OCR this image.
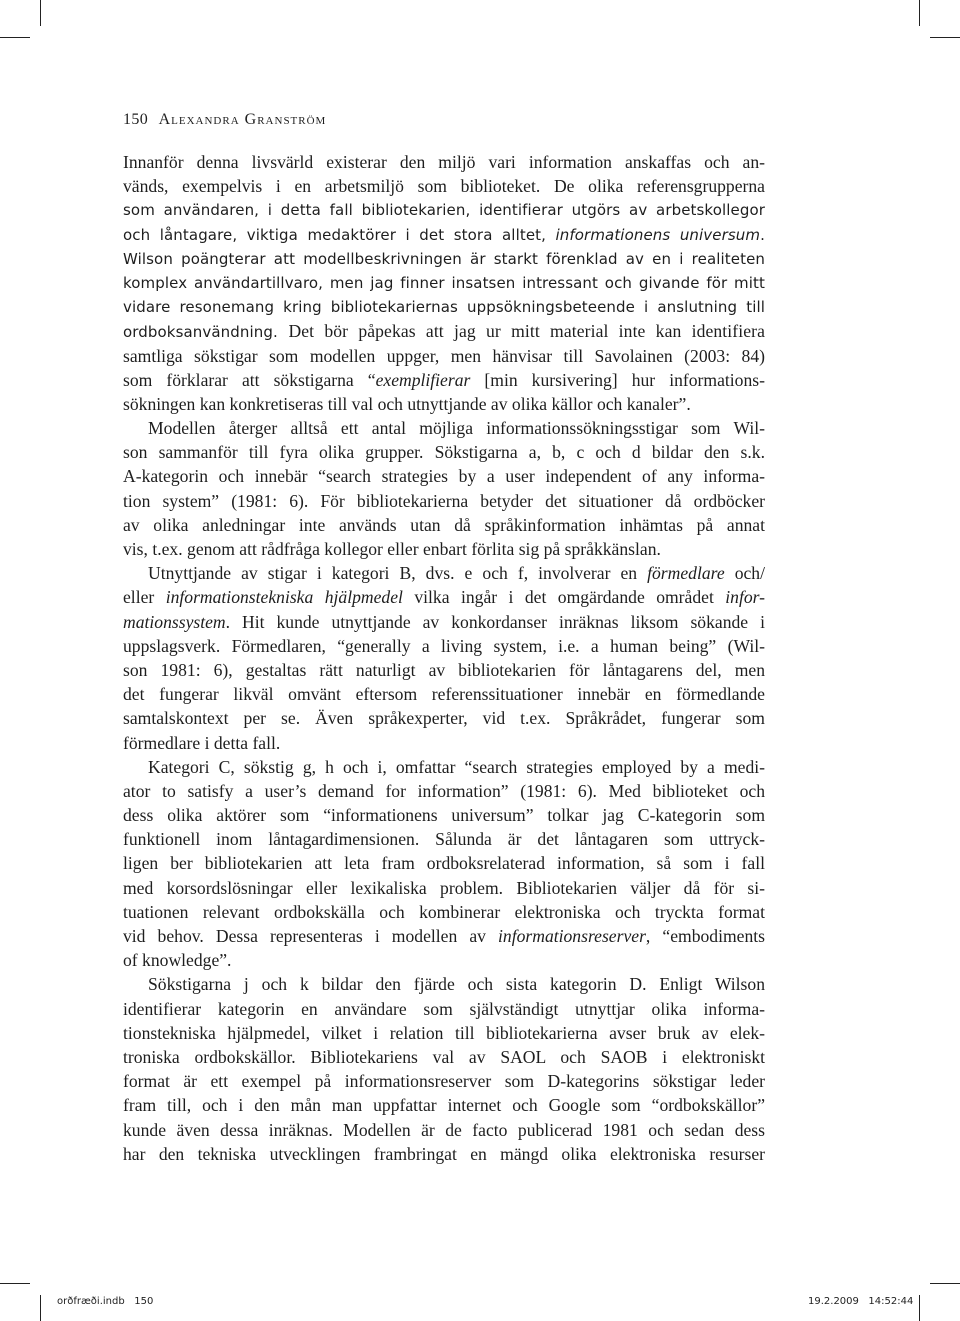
150 Alexandra Granström
Innanför denna livsvärld existerar den miljö vari information anskaffas och an-
vänds, exempelvis i en arbetsmiljö som biblioteket. De olika referensgrupperna
som användaren, i detta fall bibliotekarien, identifierar utgörs av arbetskollegor
och låntagare, viktiga medaktörer i det stora alltet, informationens universum.
Wilson poängterar att modellbeskrivningen är starkt förenklad av en i realiteten
komplex användartillvaro, men jag finner insatsen intressant och givande för mitt
vidare resonemang kring bibliotekariernas uppsökningsbeteende i anslutning till
ordboksanvändning. Det bör påpekas att jag ur mitt material inte kan identifiera
samtliga sökstigar som modellen uppger, men hänvisar till Savolainen (2003: 84)
som förklarar att sökstigarna “exemplifierar [min kursivering] hur informations-
sökningen kan konkretiseras till val och utnyttjande av olika källor och kanaler”.
Modellen återger alltså ett antal möjliga informationssökningsstigar som Wil-
son sammanför till fyra olika grupper. Sökstigarna a, b, c och d bildar den s.k.
A-kategorin och innebär “search strategies by a user independent of any informa-
tion system” (1981: 6). För bibliotekarierna betyder det situationer då ordböcker
av olika anledningar inte används utan då språkinformation inhämtas på annat
vis, t.ex. genom att rådfråga kollegor eller enbart förlita sig på språkkänslan.
Utnyttjande av stigar i kategori B, dvs. e och f, involverar en förmedlare och/
eller informationstekniska hjälpmedel vilka ingår i det omgärdande området infor-
mationssystem. Hit kunde utnyttjande av konkordanser inräknas liksom sökande i
uppslagsverk. Förmedlaren, “generally a living system, i.e. a human being” (Wil-
son 1981: 6), gestaltas rätt naturligt av bibliotekarien för låntagarens del, men
det fungerar likväl omvänt eftersom referenssituationer innebär en förmedlande
samtalskontext per se. Även språkexperter, vid t.ex. Språkrådet, fungerar som
förmedlare i detta fall.
Kategori C, sökstig g, h och i, omfattar “search strategies employed by a medi-
ator to satisfy a user’s demand for information” (1981: 6). Med biblioteket och
dess olika aktörer som “informationens universum” tolkar jag C-kategorin som
funktionell inom låntagardimensionen. Sålunda är det låntagaren som uttryck-
ligen ber bibliotekarien att leta fram ordboksrelaterad information, så som i fall
med korsordslösningar eller lexikaliska problem. Bibliotekarien väljer då för si-
tuationen relevant ordbokskälla och kombinerar elektroniska och tryckta format
vid behov. Dessa representeras i modellen av informationsreserver, “embodiments
of knowledge”.
Sökstigarna j och k bildar den fjärde och sista kategorin D. Enligt Wilson
identifierar kategorin en användare som självständigt utnyttjar olika informa-
tionstekniska hjälpmedel, vilket i relation till bibliotekarierna avser bruk av elek-
troniska ordbokskällor. Bibliotekariens val av SAOL och SAOB i elektroniskt
format är ett exempel på informationsreserver som D-kategorins sökstigar leder
fram till, och i den mån man uppfattar internet och Google som “ordbokskällor”
kunde även dessa inräknas. Modellen är de facto publicerad 1981 och sedan dess
har den tekniska utvecklingen frambringat en mängd olika elektroniska resurser
orðfræði.indb   150	19.2.2009   14:52:44
